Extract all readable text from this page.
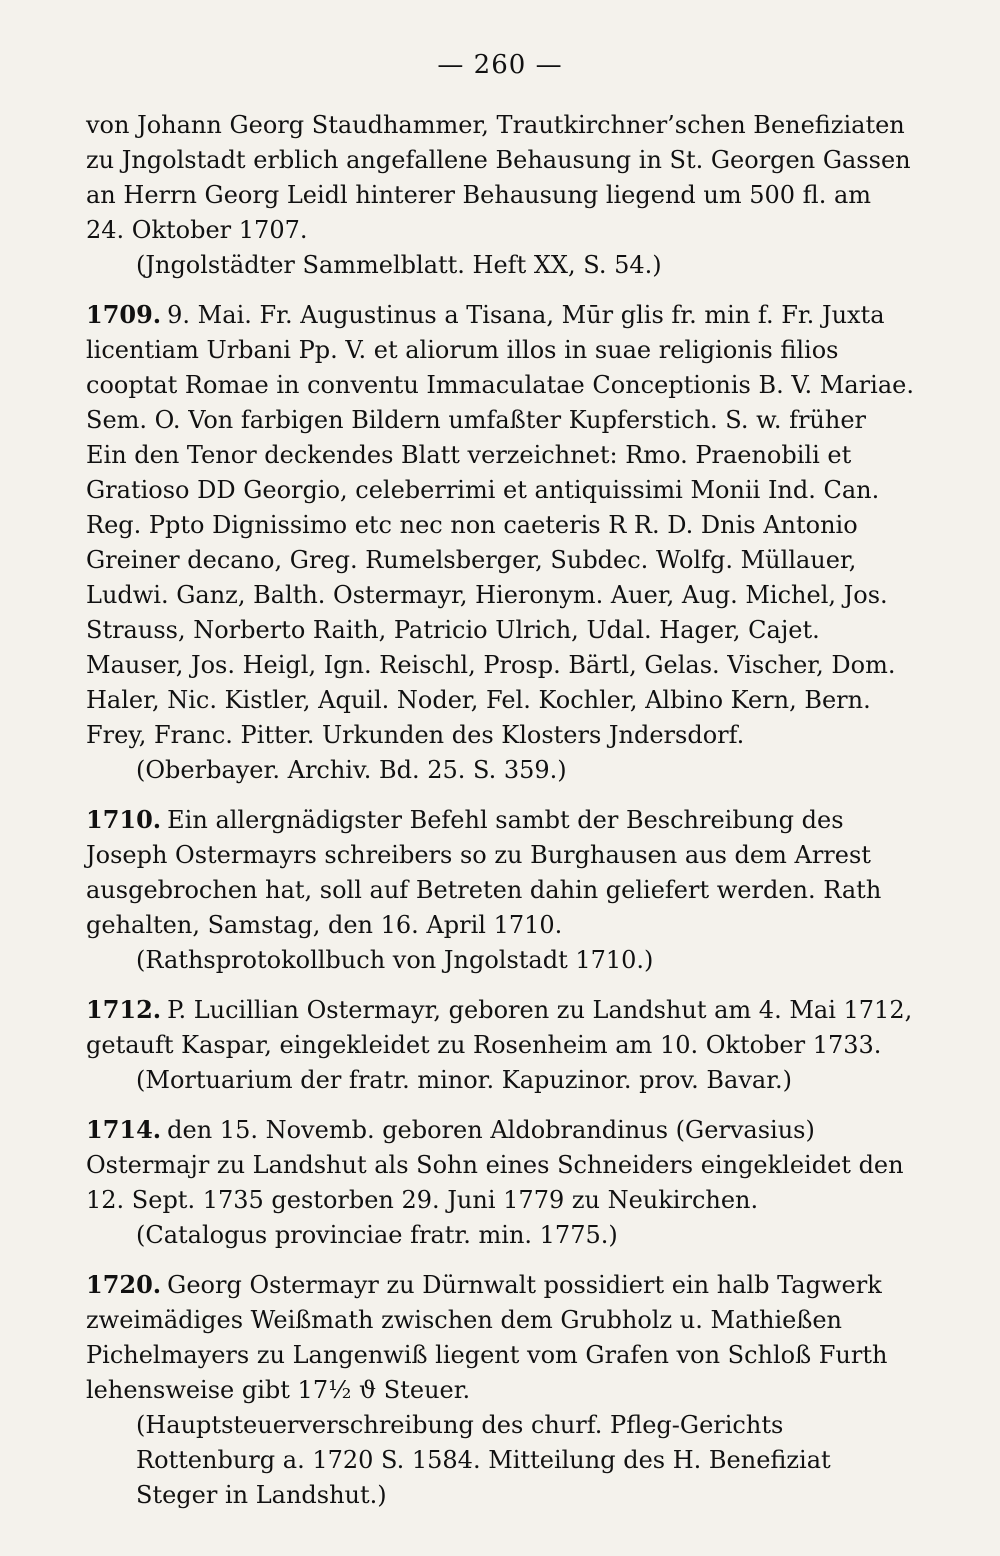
— 260 —

von Johann Georg Staudhammer, Trautkirchner’schen Benefiziaten zu Jngolstadt erblich angefallene Behausung in St. Georgen Gassen an Herrn Georg Leidl hinterer Behausung liegend um 500 fl. am 24. Oktober 1707.

(Jngolstädter Sammelblatt. Heft XX, S. 54.)

1709. 9. Mai. Fr. Augustinus a Tisana, Mūr glis fr. min f. Fr. Juxta licentiam Urbani Pp. V. et aliorum illos in suae religionis filios cooptat Romae in conventu Immaculatae Conceptionis B. V. Mariae. Sem. O. Von farbigen Bildern umfaßter Kupferstich. S. w. früher Ein den Tenor deckendes Blatt verzeichnet: Rmo. Praenobili et Gratioso DD Georgio, celeberrimi et antiquissimi Monii Ind. Can. Reg. Ppto Dignissimo etc nec non caeteris R R. D. Dnis Antonio Greiner decano, Greg. Rumelsberger, Subdec. Wolfg. Müllauer, Ludwi. Ganz, Balth. Ostermayr, Hieronym. Auer, Aug. Michel, Jos. Strauss, Norberto Raith, Patricio Ulrich, Udal. Hager, Cajet. Mauser, Jos. Heigl, Ign. Reischl, Prosp. Bärtl, Gelas. Vischer, Dom. Haler, Nic. Kistler, Aquil. Noder, Fel. Kochler, Albino Kern, Bern. Frey, Franc. Pitter. Urkunden des Klosters Jndersdorf.

(Oberbayer. Archiv. Bd. 25. S. 359.)

1710. Ein allergnädigster Befehl sambt der Beschreibung des Joseph Ostermayrs schreibers so zu Burghausen aus dem Arrest ausgebrochen hat, soll auf Betreten dahin geliefert werden. Rath gehalten, Samstag, den 16. April 1710.

(Rathsprotokollbuch von Jngolstadt 1710.)

1712. P. Lucillian Ostermayr, geboren zu Landshut am 4. Mai 1712, getauft Kaspar, eingekleidet zu Rosenheim am 10. Oktober 1733.

(Mortuarium der fratr. minor. Kapuzinor. prov. Bavar.)

1714. den 15. Novemb. geboren Aldobrandinus (Gervasius) Ostermajr zu Landshut als Sohn eines Schneiders eingekleidet den 12. Sept. 1735 gestorben 29. Juni 1779 zu Neukirchen.

(Catalogus provinciae fratr. min. 1775.)

1720. Georg Ostermayr zu Dürnwalt possidiert ein halb Tagwerk zweimädiges Weißmath zwischen dem Grubholz u. Mathießen Pichelmayers zu Langenwiß liegent vom Grafen von Schloß Furth lehensweise gibt 17½ ϑ Steuer.

(Hauptsteuerverschreibung des churf. Pfleg-Gerichts Rottenburg a. 1720 S. 1584. Mitteilung des H. Benefiziat Steger in Landshut.)
